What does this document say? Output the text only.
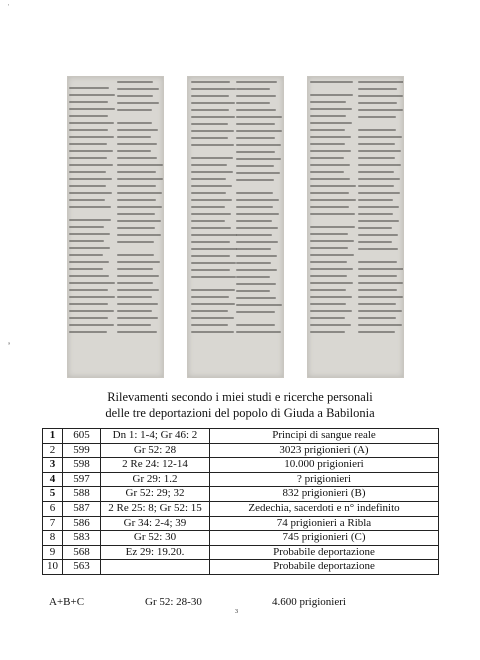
ˈ
’
Rilevamenti secondo i miei studi e ricerche personali
delle tre deportazioni del popolo di Giuda a Babilonia
1	605	Dn 1: 1-4; Gr 46: 2	Principi di sangue reale
2	599	Gr 52: 28	3023 prigionieri (A)
3	598	2 Re 24: 12-14	10.000 prigionieri
4	597	Gr 29: 1.2	? prigionieri
5	588	Gr 52: 29; 32	832 prigionieri (B)
6	587	2 Re 25: 8; Gr 52: 15	Zedechia, sacerdoti e n° indefinito
7	586	Gr 34: 2-4; 39	74 prigionieri a Ribla
8	583	Gr 52: 30	745 prigionieri (C)
9	568	Ez 29: 19.20.	Probabile deportazione
10	563		Probabile deportazione
A+B+C	Gr 52: 28-30	4.600 prigionieri
3
